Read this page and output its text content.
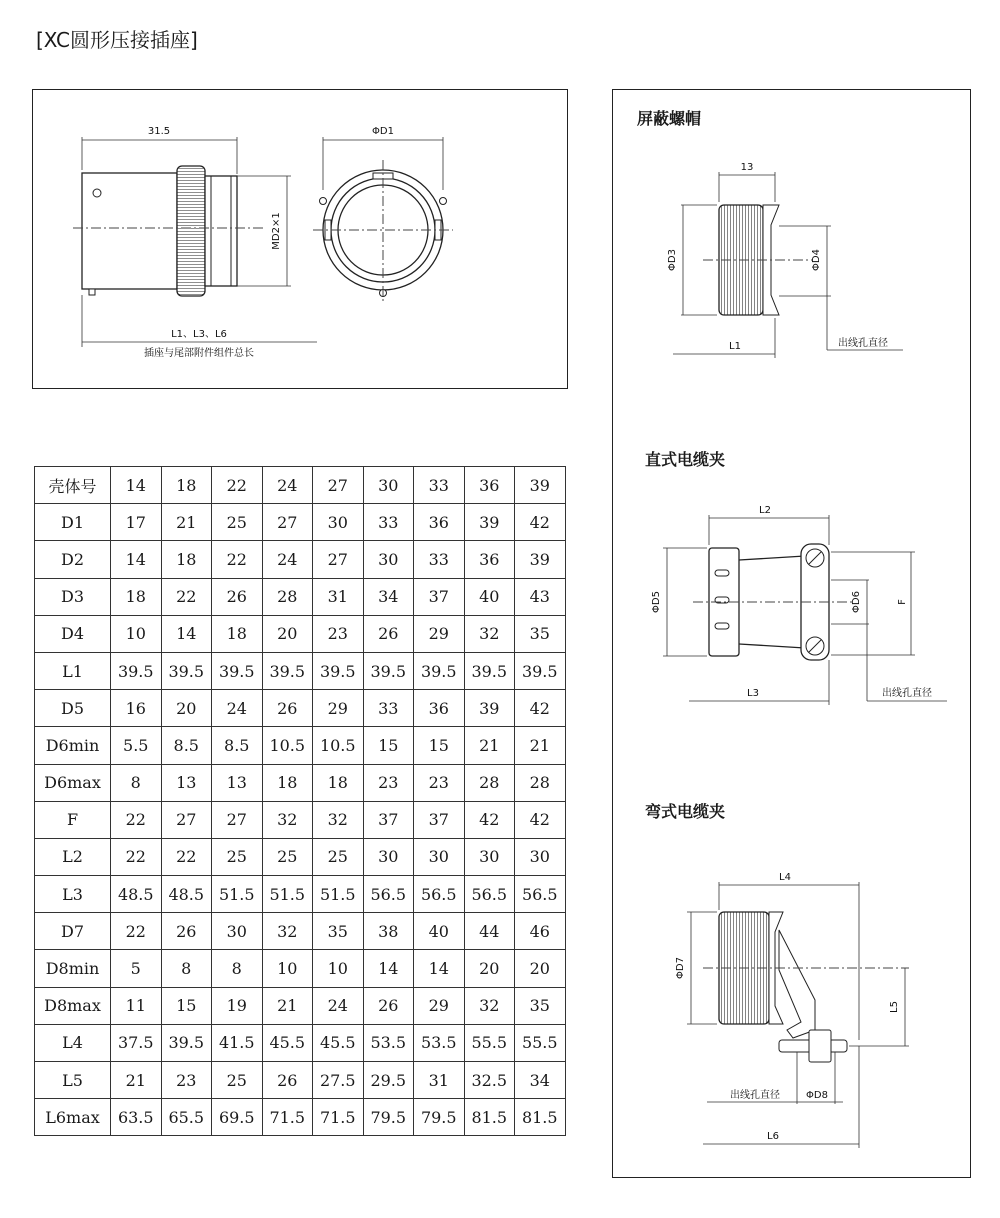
[XC圆形压接插座]
31.5
MD2×1
L1、L3、L6
插座与尾部附件组件总长
ΦD1
屏蔽螺帽
直式电缆夹
弯式电缆夹
13
ΦD3	ΦD4
出线孔直径
L1
L2
ΦD5	ΦD6	F
出线孔直径
L3
L4
ΦD7
L5
出线孔直径	ΦD8
L6
壳体号	14	18	22	24	27	30	33	36	39
D1	17	21	25	27	30	33	36	39	42
D2	14	18	22	24	27	30	33	36	39
D3	18	22	26	28	31	34	37	40	43
D4	10	14	18	20	23	26	29	32	35
L1	39.5	39.5	39.5	39.5	39.5	39.5	39.5	39.5	39.5
D5	16	20	24	26	29	33	36	39	42
D6min	5.5	8.5	8.5	10.5	10.5	15	15	21	21
D6max	8	13	13	18	18	23	23	28	28
F	22	27	27	32	32	37	37	42	42
L2	22	22	25	25	25	30	30	30	30
L3	48.5	48.5	51.5	51.5	51.5	56.5	56.5	56.5	56.5
D7	22	26	30	32	35	38	40	44	46
D8min	5	8	8	10	10	14	14	20	20
D8max	11	15	19	21	24	26	29	32	35
L4	37.5	39.5	41.5	45.5	45.5	53.5	53.5	55.5	55.5
L5	21	23	25	26	27.5	29.5	31	32.5	34
L6max	63.5	65.5	69.5	71.5	71.5	79.5	79.5	81.5	81.5
